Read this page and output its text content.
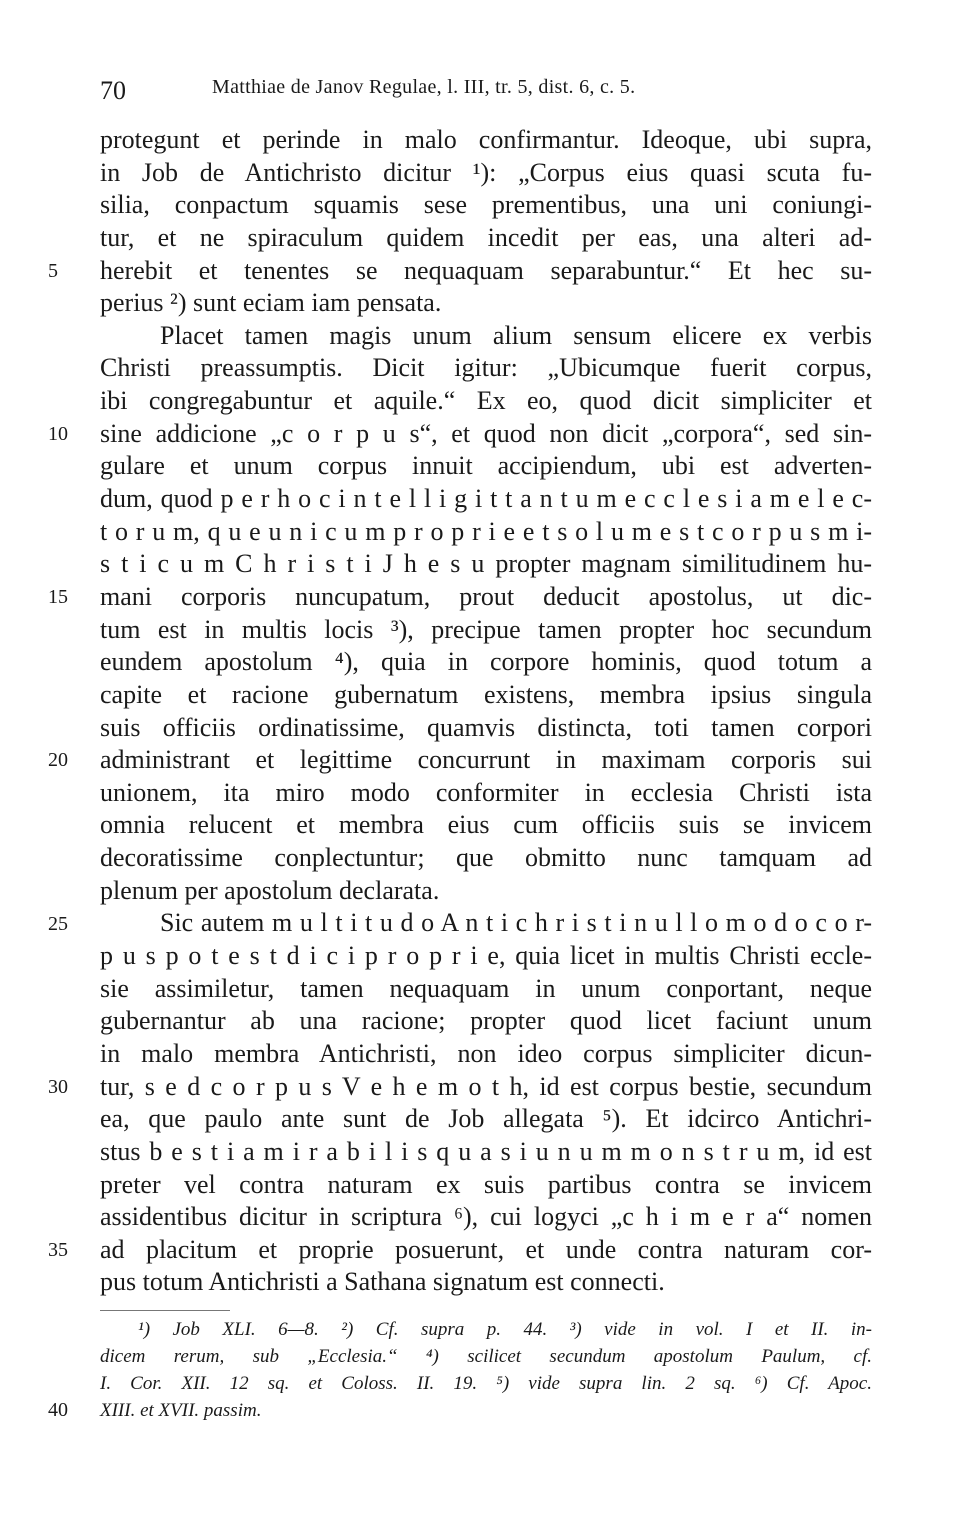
70	Matthiae de Janov Regulae, l. III, tr. 5, dist. 6, c. 5.
5
10
15
20
25
30
35
protegunt et perinde in malo confirmantur. Ideoque, ubi supra,
in Job de Antichristo dicitur ¹): „Corpus eius quasi scuta fu-
silia, conpactum squamis sese prementibus, una uni coniungi-
tur, et ne spiraculum quidem incedit per eas, una alteri ad-
herebit et tenentes se nequaquam separabuntur.“ Et hec su-
perius ²) sunt eciam iam pensata.
Placet tamen magis unum alium sensum elicere ex verbis
Christi preassumptis. Dicit igitur: „Ubicumque fuerit corpus,
ibi congregabuntur et aquile.“ Ex eo, quod dicit simpliciter et
sine addicione „c o r p u s“, et quod non dicit „corpora“, sed sin-
gulare et unum corpus innuit accipiendum, ubi est adverten-
dum, quod p e r h o c i n t e l l i g i t t a n t u m e c c l e s i a m e l e c-
t o r u m, q u e u n i c u m p r o p r i e e t s o l u m e s t c o r p u s m i-
s t i c u m C h r i s t i J h e s u propter magnam similitudinem hu-
mani corporis nuncupatum, prout deducit apostolus, ut dic-
tum est in multis locis ³), precipue tamen propter hoc secundum
eundem apostolum ⁴), quia in corpore hominis, quod totum a
capite et racione gubernatum existens, membra ipsius singula
suis officiis ordinatissime, quamvis distincta, toti tamen corpori
administrant et legittime concurrunt in maximam corporis sui
unionem, ita miro modo conformiter in ecclesia Christi ista
omnia relucent et membra eius cum officiis suis se invicem
decoratissime conplectuntur; que obmitto nunc tamquam ad
plenum per apostolum declarata.
Sic autem m u l t i t u d o A n t i c h r i s t i n u l l o m o d o c o r-
p u s p o t e s t d i c i p r o p r i e, quia licet in multis Christi eccle-
sie assimiletur, tamen nequaquam in unum conportant, neque
gubernantur ab una racione; propter quod licet faciunt unum
in malo membra Antichristi, non ideo corpus simpliciter dicun-
tur, s e d c o r p u s V e h e m o t h, id est corpus bestie, secundum
ea, que paulo ante sunt de Job allegata ⁵). Et idcirco Antichri-
stus b e s t i a m i r a b i l i s q u a s i u n u m m o n s t r u m, id est
preter vel contra naturam ex suis partibus contra se invicem
assidentibus dicitur in scriptura ⁶), cui logyci „c h i m e r a“ nomen
ad placitum et proprie posuerunt, et unde contra naturam cor-
pus totum Antichristi a Sathana signatum est connecti.
¹) Job XLI. 6—8. ²) Cf. supra p. 44. ³) vide in vol. I et II. in-
dicem rerum, sub „Ecclesia.“ ⁴) scilicet secundum apostolum Paulum, cf.
I. Cor. XII. 12 sq. et Coloss. II. 19. ⁵) vide supra lin. 2 sq. ⁶) Cf. Apoc.
XIII. et XVII. passim.
40
